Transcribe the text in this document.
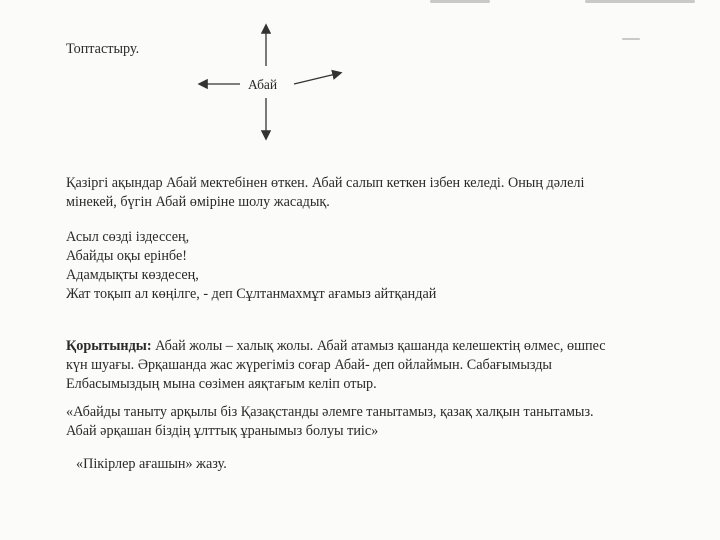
Топтастыру.
Абай
Қазіргі ақындар Абай мектебінен өткен. Абай салып кеткен ізбен келеді. Оның дәлелі
мінекей, бүгін Абай өміріне шолу жасадық.
Асыл сөзді іздессең,
Абайды оқы ерінбе!
Адамдықты көздесең,
Жат тоқып ал көңілге, - деп Сұлтанмахмұт ағамыз айтқандай
Қорытынды: Абай жолы – халық жолы. Абай атамыз қашанда келешектің өлмес, өшпес
күн шуағы. Әрқашанда жас жүрегіміз соғар Абай- деп ойлаймын. Сабағымызды
Елбасымыздың мына сөзімен аяқтағым келіп отыр.
«Абайды таныту арқылы біз Қазақстанды әлемге танытамыз, қазақ халқын танытамыз.
Абай әрқашан біздің ұлттық ұранымыз болуы тиіс»
«Пікірлер ағашын» жазу.
